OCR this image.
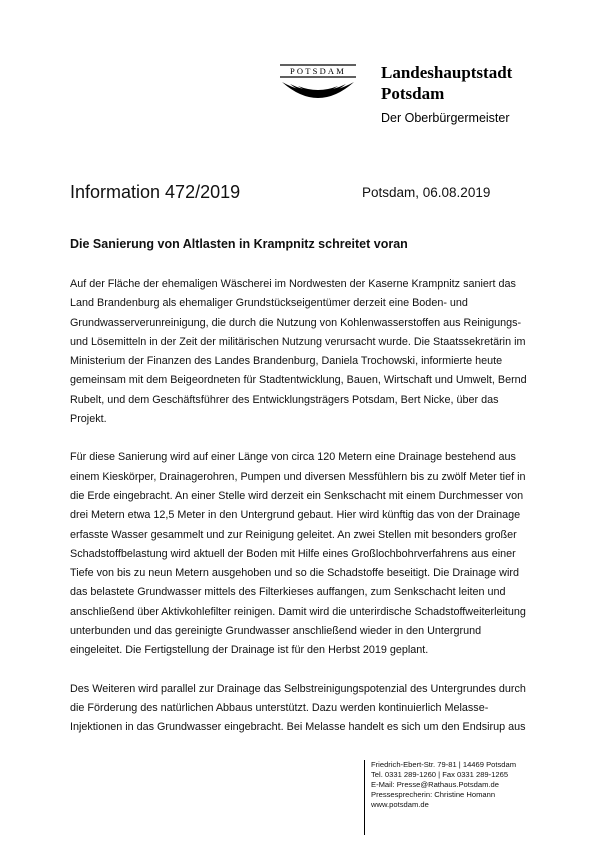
POTSDAM	Landeshauptstadt
Potsdam
Der Oberbürgermeister
Information 472/2019	Potsdam, 06.08.2019
Die Sanierung von Altlasten in Krampnitz schreitet voran

Auf der Fläche der ehemaligen Wäscherei im Nordwesten der Kaserne Krampnitz saniert das Land Brandenburg als ehemaliger Grundstückseigentümer derzeit eine Boden- und Grundwasserverunreinigung, die durch die Nutzung von Kohlenwasserstoffen aus Reinigungs- und Lösemitteln in der Zeit der militärischen Nutzung verursacht wurde. Die Staatssekretärin im Ministerium der Finanzen des Landes Brandenburg, Daniela Trochowski, informierte heute gemeinsam mit dem Beigeordneten für Stadtentwicklung, Bauen, Wirtschaft und Umwelt, Bernd Rubelt, und dem Geschäftsführer des Entwicklungsträgers Potsdam, Bert Nicke, über das Projekt.

Für diese Sanierung wird auf einer Länge von circa 120 Metern eine Drainage bestehend aus einem Kieskörper, Drainagerohren, Pumpen und diversen Messfühlern bis zu zwölf Meter tief in die Erde eingebracht. An einer Stelle wird derzeit ein Senkschacht mit einem Durchmesser von drei Metern etwa 12,5 Meter in den Untergrund gebaut. Hier wird künftig das von der Drainage erfasste Wasser gesammelt und zur Reinigung geleitet. An zwei Stellen mit besonders großer Schadstoffbelastung wird aktuell der Boden mit Hilfe eines Großlochbohrverfahrens aus einer Tiefe von bis zu neun Metern ausgehoben und so die Schadstoffe beseitigt. Die Drainage wird das belastete Grundwasser mittels des Filterkieses auffangen, zum Senkschacht leiten und anschließend über Aktivkohlefilter reinigen. Damit wird die unterirdische Schadstoffweiterleitung unterbunden und das gereinigte Grundwasser anschließend wieder in den Untergrund eingeleitet. Die Fertigstellung der Drainage ist für den Herbst 2019 geplant.

Des Weiteren wird parallel zur Drainage das Selbstreinigungspotenzial des Untergrundes durch die Förderung des natürlichen Abbaus unterstützt. Dazu werden kontinuierlich Melasse-Injektionen in das Grundwasser eingebracht. Bei Melasse handelt es sich um den Endsirup aus

Friedrich-Ebert-Str. 79-81 | 14469 Potsdam
Tel. 0331 289-1260 | Fax 0331 289-1265
E-Mail: Presse@Rathaus.Potsdam.de
Pressesprecherin: Christine Homann
www.potsdam.de
